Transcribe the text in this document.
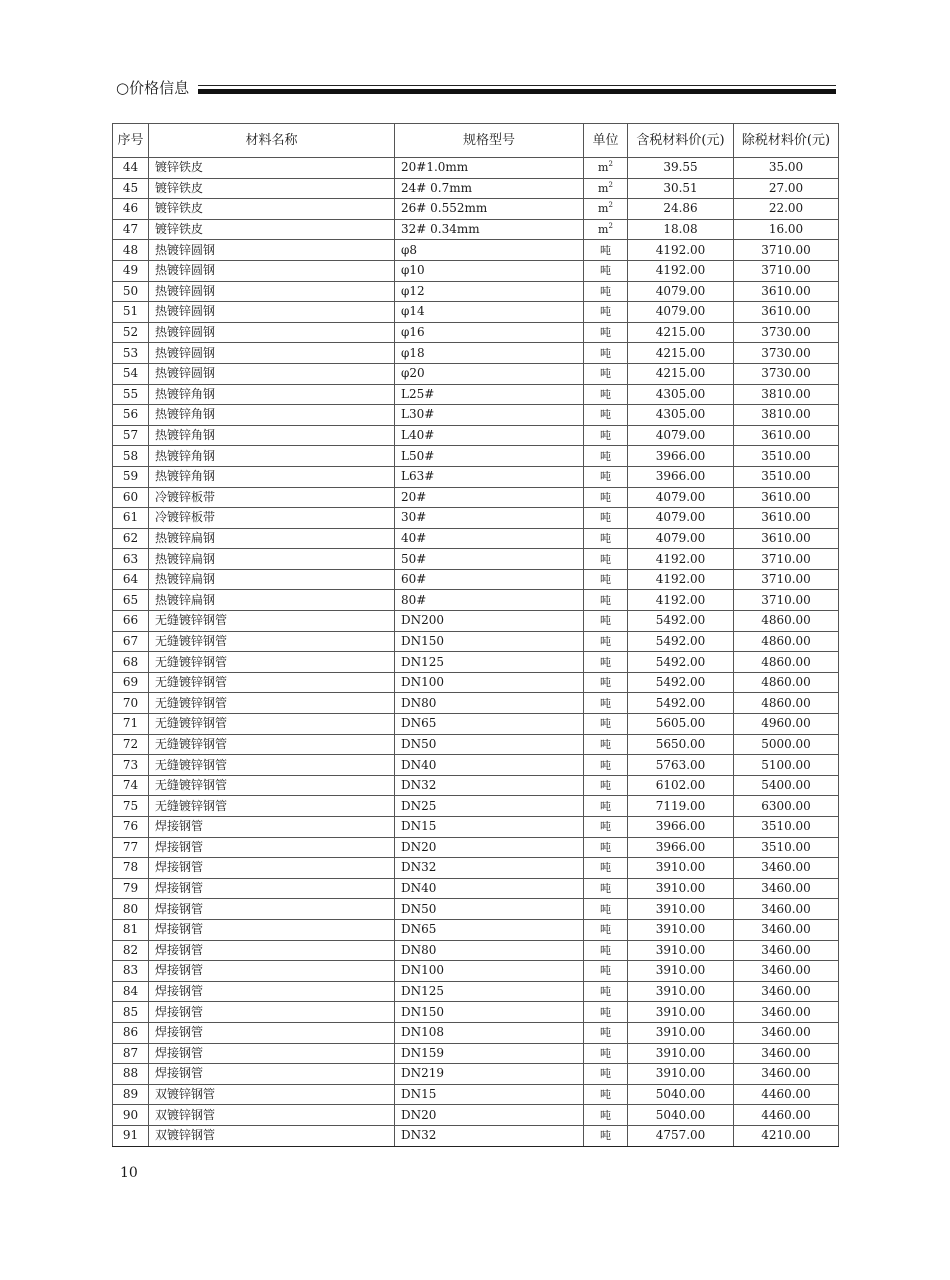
○价格信息
序号	材料名称	规格型号	单位	含税材料价(元)	除税材料价(元)
44	镀锌铁皮	20#1.0mm	$m^2$	39.55	35.00
45	镀锌铁皮	24# 0.7mm	$m^2$	30.51	27.00
46	镀锌铁皮	26# 0.552mm	$m^2$	24.86	22.00
47	镀锌铁皮	32# 0.34mm	$m^2$	18.08	16.00
48	热镀锌圆钢	φ8	吨	4192.00	3710.00
49	热镀锌圆钢	φ10	吨	4192.00	3710.00
50	热镀锌圆钢	φ12	吨	4079.00	3610.00
51	热镀锌圆钢	φ14	吨	4079.00	3610.00
52	热镀锌圆钢	φ16	吨	4215.00	3730.00
53	热镀锌圆钢	φ18	吨	4215.00	3730.00
54	热镀锌圆钢	φ20	吨	4215.00	3730.00
55	热镀锌角钢	L25#	吨	4305.00	3810.00
56	热镀锌角钢	L30#	吨	4305.00	3810.00
57	热镀锌角钢	L40#	吨	4079.00	3610.00
58	热镀锌角钢	L50#	吨	3966.00	3510.00
59	热镀锌角钢	L63#	吨	3966.00	3510.00
60	冷镀锌板带	20#	吨	4079.00	3610.00
61	冷镀锌板带	30#	吨	4079.00	3610.00
62	热镀锌扁钢	40#	吨	4079.00	3610.00
63	热镀锌扁钢	50#	吨	4192.00	3710.00
64	热镀锌扁钢	60#	吨	4192.00	3710.00
65	热镀锌扁钢	80#	吨	4192.00	3710.00
66	无缝镀锌钢管	DN200	吨	5492.00	4860.00
67	无缝镀锌钢管	DN150	吨	5492.00	4860.00
68	无缝镀锌钢管	DN125	吨	5492.00	4860.00
69	无缝镀锌钢管	DN100	吨	5492.00	4860.00
70	无缝镀锌钢管	DN80	吨	5492.00	4860.00
71	无缝镀锌钢管	DN65	吨	5605.00	4960.00
72	无缝镀锌钢管	DN50	吨	5650.00	5000.00
73	无缝镀锌钢管	DN40	吨	5763.00	5100.00
74	无缝镀锌钢管	DN32	吨	6102.00	5400.00
75	无缝镀锌钢管	DN25	吨	7119.00	6300.00
76	焊接钢管	DN15	吨	3966.00	3510.00
77	焊接钢管	DN20	吨	3966.00	3510.00
78	焊接钢管	DN32	吨	3910.00	3460.00
79	焊接钢管	DN40	吨	3910.00	3460.00
80	焊接钢管	DN50	吨	3910.00	3460.00
81	焊接钢管	DN65	吨	3910.00	3460.00
82	焊接钢管	DN80	吨	3910.00	3460.00
83	焊接钢管	DN100	吨	3910.00	3460.00
84	焊接钢管	DN125	吨	3910.00	3460.00
85	焊接钢管	DN150	吨	3910.00	3460.00
86	焊接钢管	DN108	吨	3910.00	3460.00
87	焊接钢管	DN159	吨	3910.00	3460.00
88	焊接钢管	DN219	吨	3910.00	3460.00
89	双镀锌钢管	DN15	吨	5040.00	4460.00
90	双镀锌钢管	DN20	吨	5040.00	4460.00
91	双镀锌钢管	DN32	吨	4757.00	4210.00
10
